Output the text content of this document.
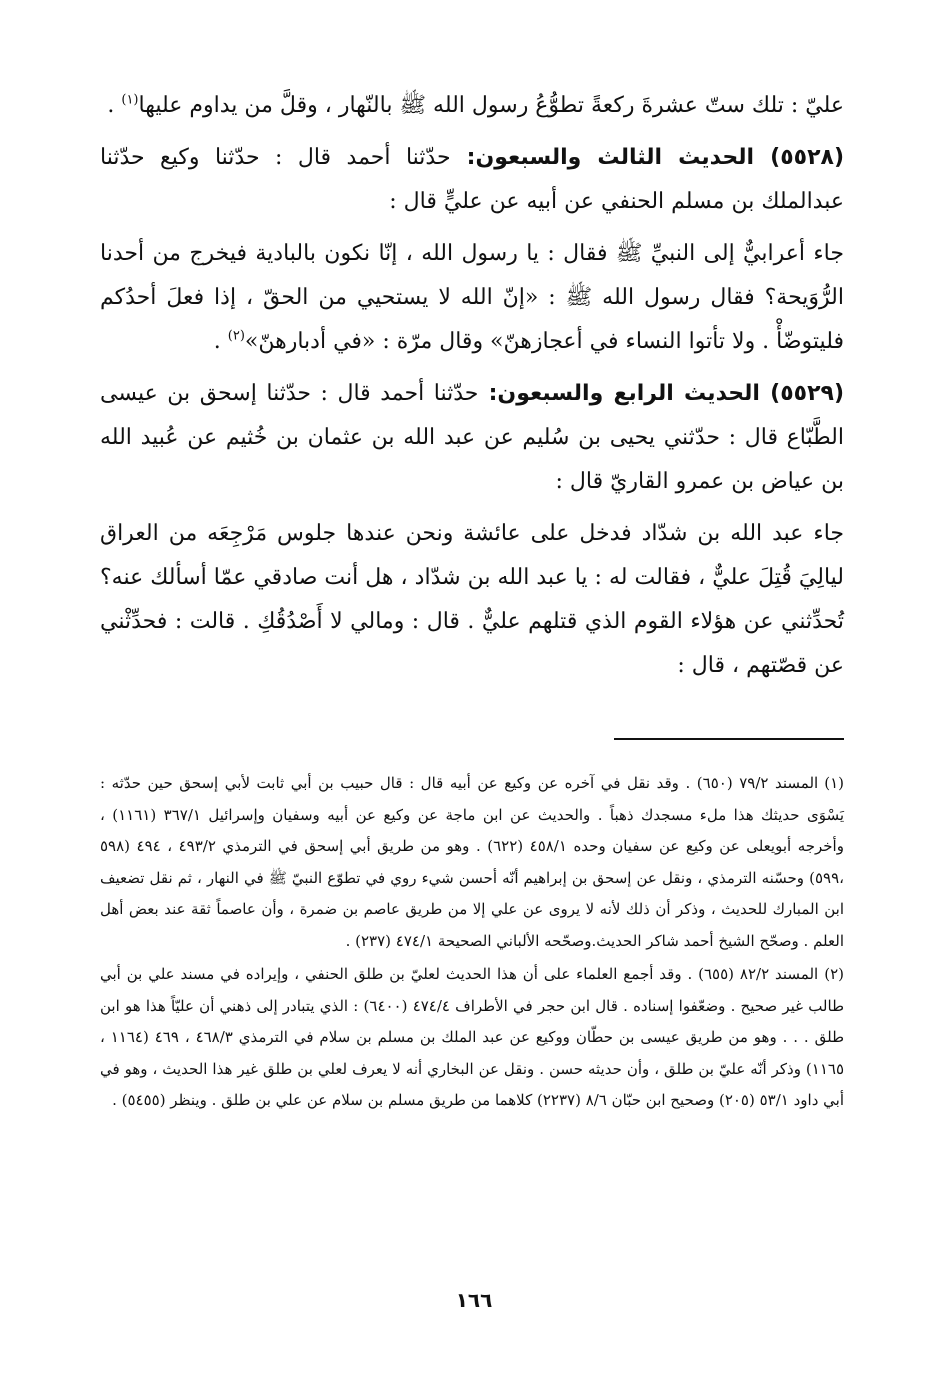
عليّ : تلك ستّ عشرةَ ركعةً تطوُّعُ رسول الله ﷺ بالنّهار ، وقلَّ من يداوم عليها$^{(١)}$ .

(٥٥٢٨) الحديث الثالث والسبعون: حدّثنا أحمد قال : حدّثنا وكيع حدّثنا عبدالملك بن مسلم الحنفي عن أبيه عن عليٍّ قال :

جاء أعرابيٌّ إلى النبيِّ ﷺ فقال : يا رسول الله ، إنّا نكون بالبادية فيخرج من أحدنا الرُّوَيحة؟ فقال رسول الله ﷺ : «إنّ الله لا يستحيي من الحقّ ، إذا فعلَ أحدُكم فليتوضّأْ . ولا تأتوا النساء في أعجازهنّ» وقال مرّة : «في أدبارهنّ»$^{(٢)}$ .

(٥٥٢٩) الحديث الرابع والسبعون: حدّثنا أحمد قال : حدّثنا إسحق بن عيسى الطَّبّاع قال : حدّثني يحيى بن سُليم عن عبد الله بن عثمان بن خُثيم عن عُبيد الله بن عياض بن عمرو القاريّ قال :

جاء عبد الله بن شدّاد فدخل على عائشة ونحن عندها جلوس مَرْجِعَه من العراق ليالِيَ قُتِلَ عليٌّ ، فقالت له : يا عبد الله بن شدّاد ، هل أنت صادقي عمّا أسألك عنه؟ تُحدِّثني عن هؤلاء القوم الذي قتلهم عليٌّ . قال : ومالي لا أَصْدُقُكِ . قالت : فحدِّثْني عن قصّتهم ، قال :

(١)المسند ٧٩/٢ (٦٥٠) . وقد نقل في آخره عن وكيع عن أبيه قال : قال حبيب بن أبي ثابت لأبي إسحق حين حدّثه : يَسْوَى حديثك هذا ملء مسجدك ذهباً . والحديث عن ابن ماجة عن وكيع عن أبيه وسفيان وإسرائيل ٣٦٧/١ (١١٦١) ، وأخرجه أبويعلى عن وكيع عن سفيان وحده ٤٥٨/١ (٦٢٢) . وهو من طريق أبي إسحق في الترمذي ٤٩٣/٢ ، ٤٩٤ (٥٩٨ ،٥٩٩) وحسّنه الترمذي ، ونقل عن إسحق بن إبراهيم أنّه أحسن شيء روي في تطوّع النبيّ ﷺ في النهار ، ثم نقل تضعيف ابن المبارك للحديث ، وذكر أن ذلك لأنه لا يروى عن علي إلا من طريق عاصم بن ضمرة ، وأن عاصماً ثقة عند بعض أهل العلم . وصحّح الشيخ أحمد شاكر الحديث.وصحّحه الألباني الصحيحة ٤٧٤/١ (٢٣٧) .

(٢)المسند ٨٢/٢ (٦٥٥) . وقد أجمع العلماء على أن هذا الحديث لعليّ بن طلق الحنفي ، وإيراده في مسند علي بن أبي طالب غير صحيح . وضعّفوا إسناده . قال ابن حجر في الأطراف ٤٧٤/٤ (٦٤٠٠) : الذي يتبادر إلى ذهني أن عليّاً هذا هو ابن طلق . . . وهو من طريق عيسى بن حطّان ووكيع عن عبد الملك بن مسلم بن سلام في الترمذي ٤٦٨/٣ ، ٤٦٩ (١١٦٤ ، ١١٦٥) وذكر أنّه عليّ بن طلق ، وأن حديثه حسن . ونقل عن البخاري أنه لا يعرف لعلي بن طلق غير هذا الحديث ، وهو في أبي داود ٥٣/١ (٢٠٥) وصحيح ابن حبّان ٨/٦ (٢٢٣٧) كلاهما من طريق مسلم بن سلام عن علي بن طلق . وينظر (٥٤٥٥) .

١٦٦
